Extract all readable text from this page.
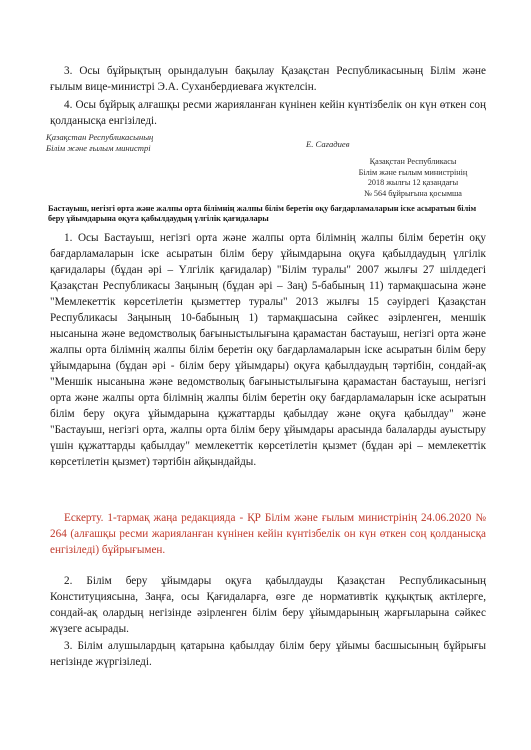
3. Осы бұйрықтың орындалуын бақылау Қазақстан Республикасының Білім және ғылым вице-министрі Э.А. Суханбердиеваға жүктелсін.

4. Осы бұйрық алғашқы ресми жарияланған күнінен кейін күнтізбелік он күн өткен соң қолданысқа енгізіледі.

Қазақстан Республикасының
Білім және ғылым министрі	Е. Сағадиев
Қазақстан Республикасы
Білім және ғылым министрінің
2018 жылғы 12 қазандағы
№ 564 бұйрығына қосымша
Бастауыш, негізгі орта және жалпы орта білімнің жалпы білім беретін оқу бағдарламаларын іске асыратын білім беру ұйымдарына оқуға қабылдаудың үлгілік қағидалары

1. Осы Бастауыш, негізгі орта және жалпы орта білімнің жалпы білім беретін оқу бағдарламаларын іске асыратын білім беру ұйымдарына оқуға қабылдаудың үлгілік қағидалары (бұдан әрі – Үлгілік қағидалар) "Білім туралы" 2007 жылғы 27 шілдедегі Қазақстан Республикасы Заңының (бұдан әрі – Заң) 5-бабының 11) тармақшасына және "Мемлекеттік көрсетілетін қызметтер туралы" 2013 жылғы 15 сәуірдегі Қазақстан Республикасы Заңының 10-бабының 1) тармақшасына сәйкес әзірленген, меншік нысанына және ведомстволық бағыныстылығына қарамастан бастауыш, негізгі орта және жалпы орта білімнің жалпы білім беретін оқу бағдарламаларын іске асыратын білім беру ұйымдарына (бұдан әрі - білім беру ұйымдары) оқуға қабылдаудың тәртібін, сондай-ақ "Меншік нысанына және ведомстволық бағыныстылығына қарамастан бастауыш, негізгі орта және жалпы орта білімнің жалпы білім беретін оқу бағдарламаларын іске асыратын білім беру оқуға ұйымдарына құжаттарды қабылдау және оқуға қабылдау" және "Бастауыш, негізгі орта, жалпы орта білім беру ұйымдары арасында балаларды ауыстыру үшін құжаттарды қабылдау" мемлекеттік көрсетілетін қызмет (бұдан әрі – мемлекеттік көрсетілетін қызмет) тәртібін айқындайды.

Ескерту. 1-тармақ жаңа редакцияда - ҚР Білім және ғылым министрінің 24.06.2020 № 264 (алғашқы ресми жарияланған күнінен кейін күнтізбелік он күн өткен соң қолданысқа енгізіледі) бұйрығымен.

2. Білім беру ұйымдары оқуға қабылдауды Қазақстан Республикасының Конституциясына, Заңға, осы Қағидаларға, өзге де нормативтік құқықтық актілерге, сондай-ақ олардың негізінде әзірленген білім беру ұйымдарының жарғыларына сәйкес жүзеге асырады.

3. Білім алушылардың қатарына қабылдау білім беру ұйымы басшысының бұйрығы негізінде жүргізіледі.
